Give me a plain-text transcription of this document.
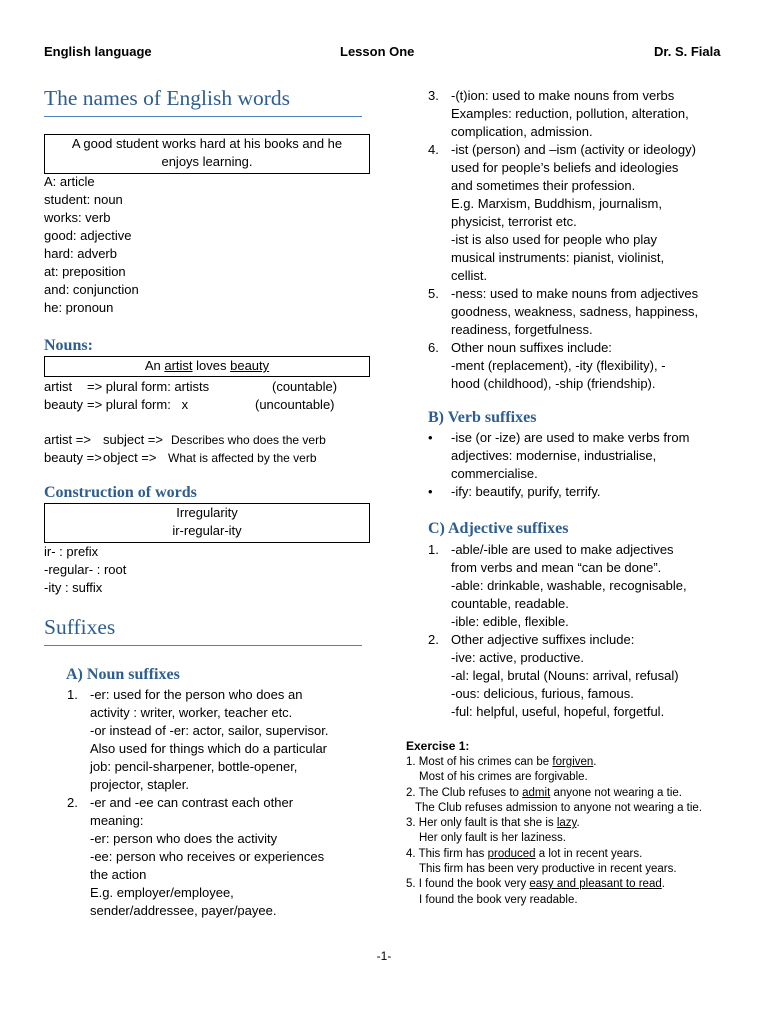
English language	Lesson One	Dr. S. Fiala
The names of English words
A good student works hard at his books and he
enjoys learning.
A: article
student: noun
works: verb
good: adjective
hard: adverb
at: preposition
and: conjunction
he: pronoun
Nouns:
An artist loves beauty
artist => plural form: artists	(countable)
beauty => plural form:   x	(uncountable)
artist => subject => Describes who does the verb
beauty => object => What is affected by the verb
Construction of words
Irregularity
ir-regular-ity
ir- : prefix
-regular- : root
-ity : suffix
Suffixes
A) Noun suffixes
1. -er: used for the person who does an
activity : writer, worker, teacher etc.
-or instead of -er: actor, sailor, supervisor.
Also used for things which do a particular
job: pencil-sharpener, bottle-opener,
projector, stapler.
2. -er and -ee can contrast each other
meaning:
-er: person who does the activity
-ee: person who receives or experiences
the action
E.g. employer/employee,
sender/addressee, payer/payee.
3. -(t)ion: used to make nouns from verbs
Examples: reduction, pollution, alteration,
complication, admission.
4. -ist (person) and –ism (activity or ideology)
used for people’s beliefs and ideologies
and sometimes their profession.
E.g. Marxism, Buddhism, journalism,
physicist, terrorist etc.
-ist is also used for people who play
musical instruments: pianist, violinist,
cellist.
5. -ness: used to make nouns from adjectives
goodness, weakness, sadness, happiness,
readiness, forgetfulness.
6. Other noun suffixes include:
-ment (replacement), -ity (flexibility), -
hood (childhood), -ship (friendship).
B) Verb suffixes
• -ise (or -ize) are used to make verbs from
adjectives: modernise, industrialise,
commercialise.
• -ify: beautify, purify, terrify.
C) Adjective suffixes
1. -able/-ible are used to make adjectives
from verbs and mean “can be done”.
-able: drinkable, washable, recognisable,
countable, readable.
-ible: edible, flexible.
2. Other adjective suffixes include:
-ive: active, productive.
-al: legal, brutal (Nouns: arrival, refusal)
-ous: delicious, furious, famous.
-ful: helpful, useful, hopeful, forgetful.
Exercise 1:
1. Most of his crimes can be forgiven.
Most of his crimes are forgivable.
2. The Club refuses to admit anyone not wearing a tie.
The Club refuses admission to anyone not wearing a tie.
3. Her only fault is that she is lazy.
Her only fault is her laziness.
4. This firm has produced a lot in recent years.
This firm has been very productive in recent years.
5. I found the book very easy and pleasant to read.
I found the book very readable.
-1-
